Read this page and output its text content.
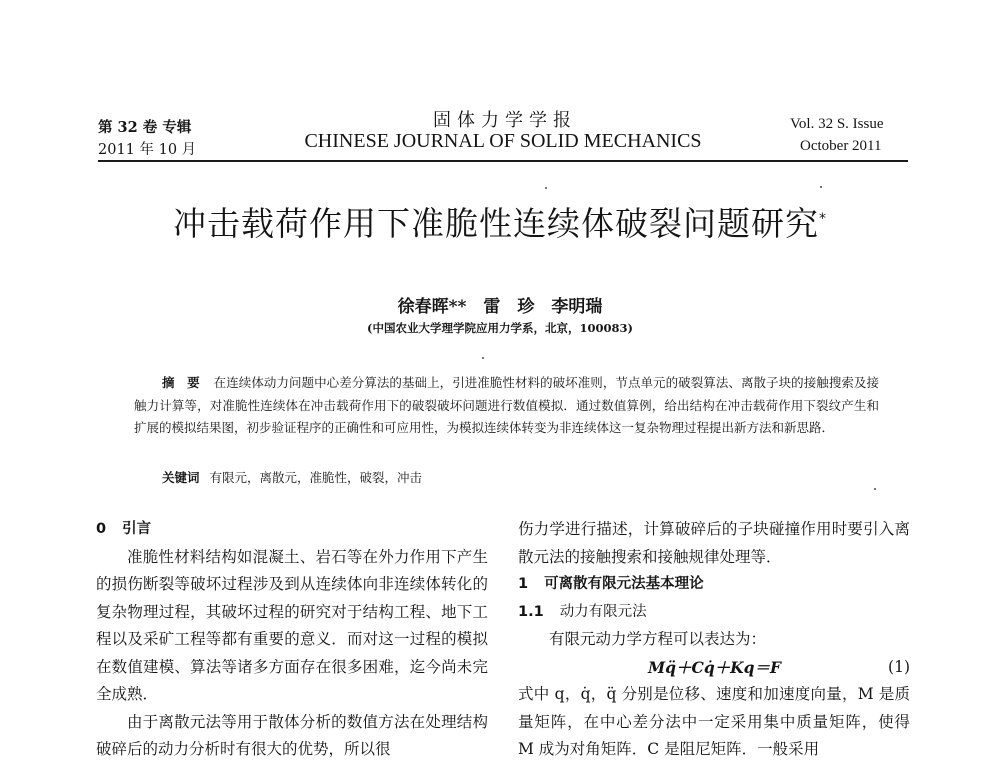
第 32 卷 专辑
2011 年 10 月
固体力学学报
CHINESE JOURNAL OF SOLID MECHANICS
Vol. 32 S. Issue
October 2011
冲击载荷作用下准脆性连续体破裂问题研究*
徐春晖**　雷　珍　李明瑞
(中国农业大学理学院应用力学系，北京，100083)
摘　要 在连续体动力问题中心差分算法的基础上，引进准脆性材料的破坏准则，节点单元的破裂算法、离散子块的接触搜索及接触力计算等，对准脆性连续体在冲击载荷作用下的破裂破坏问题进行数值模拟．通过数值算例，给出结构在冲击载荷作用下裂纹产生和扩展的模拟结果图，初步验证程序的正确性和可应用性，为模拟连续体转变为非连续体这一复杂物理过程提出新方法和新思路．
关键词 有限元，离散元，准脆性，破裂，冲击

0 引言

准脆性材料结构如混凝土、岩石等在外力作用下产生的损伤断裂等破坏过程涉及到从连续体向非连续体转化的复杂物理过程，其破坏过程的研究对于结构工程、地下工程以及采矿工程等都有重要的意义．而对这一过程的模拟在数值建模、算法等诸多方面存在很多困难，迄今尚未完全成熟．

由于离散元法等用于散体分析的数值方法在处理结构破碎后的动力分析时有很大的优势，所以很

伤力学进行描述，计算破碎后的子块碰撞作用时要引入离散元法的接触搜索和接触规律处理等．

1 可离散有限元法基本理论

1.1 动力有限元法

有限元动力学方程可以表达为：

Mq̈＋Cq̇＋Kq＝F	(1)

式中 q，q̇，q̈ 分别是位移、速度和加速度向量，M 是质量矩阵，在中心差分法中一定采用集中质量矩阵，使得 M 成为对角矩阵．C 是阻尼矩阵．一般采用
